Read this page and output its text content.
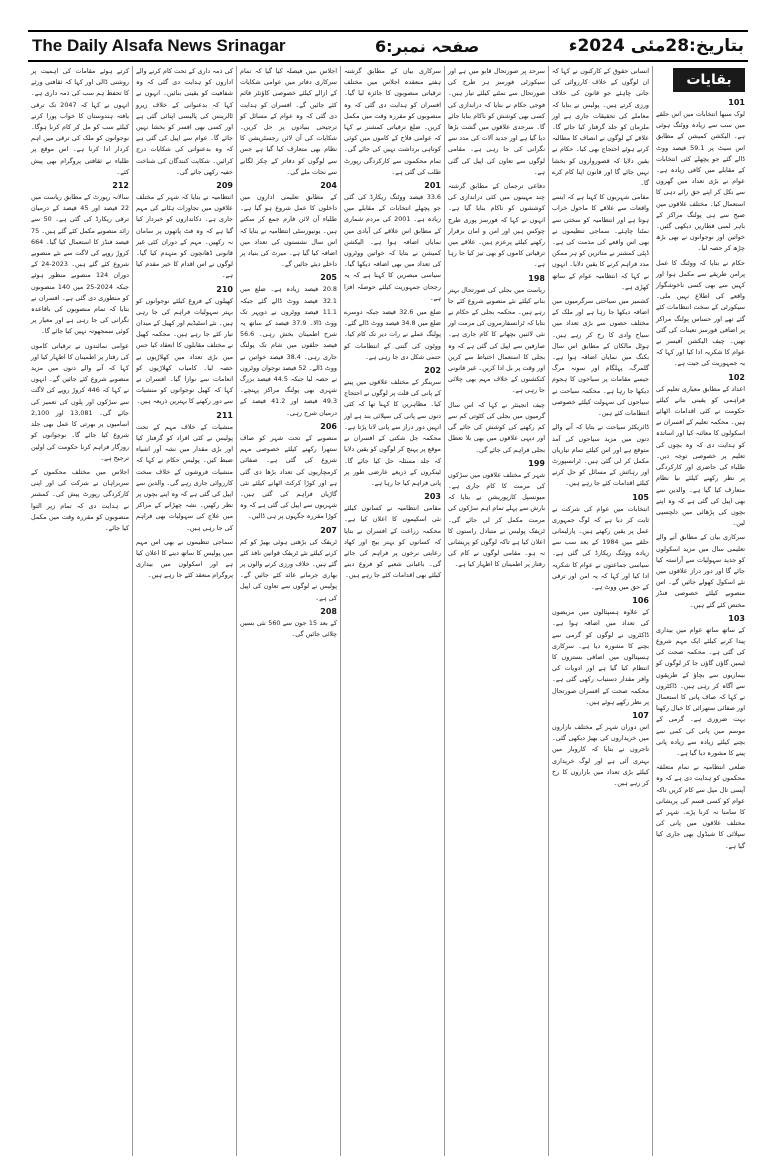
The Daily Alsafa News Srinagar	صفحہ نمبر:6	بتاریخ:28مئی 2024ء
بقایات
101

لوک سبھا انتخابات میں اس حلقے میں سب سے زیادہ ووٹنگ ہوئی ہے۔ الیکشن کمیشن کے مطابق اس سیٹ پر 59.1 فیصد ووٹ ڈالے گئے جو پچھلے کئی انتخابات کے مقابلے میں کافی زیادہ ہے۔ عوام نے بڑی تعداد میں گھروں سے نکل کر اپنے حق رائے دہی کا استعمال کیا۔ مختلف علاقوں میں صبح سے ہی پولنگ مراکز کے باہر لمبی قطاریں دیکھی گئیں۔ خواتین اور نوجوانوں نے بھی بڑھ چڑھ کر حصہ لیا۔

حکام نے بتایا کہ ووٹنگ کا عمل پرامن طریقے سے مکمل ہوا اور کہیں سے بھی کسی ناخوشگوار واقعے کی اطلاع نہیں ملی۔ سیکورٹی کے سخت انتظامات کئے گئے تھے اور حساس پولنگ مراکز پر اضافی فورسز تعینات کی گئی تھیں۔ چیف الیکشن آفیسر نے عوام کا شکریہ ادا کیا اور کہا کہ یہ جمہوریت کی جیت ہے۔

102

اعداد کے مطابق معیاری تعلیم کی فراہمی کو یقینی بنانے کیلئے حکومت نے کئی اقدامات اٹھائے ہیں۔ محکمہ تعلیم کے افسران نے اسکولوں کا معائنہ کیا اور اساتذہ کو ہدایت دی کہ وہ بچوں کی تعلیم پر خصوصی توجہ دیں۔ طلباء کی حاضری اور کارکردگی پر نظر رکھنے کیلئے نیا نظام متعارف کیا گیا ہے۔ والدین سے بھی اپیل کی گئی ہے کہ وہ اپنے بچوں کی پڑھائی میں دلچسپی لیں۔

سرکاری بیان کے مطابق آنے والے تعلیمی سال میں مزید اسکولوں کو جدید سہولیات سے آراستہ کیا جائے گا اور دور دراز علاقوں میں نئے اسکول کھولے جائیں گے۔ اس منصوبے کیلئے خصوصی فنڈز مختص کئے گئے ہیں۔

103

کے ساتھ ساتھ عوام میں بیداری پیدا کرنے کیلئے ایک مہم شروع کی گئی ہے۔ محکمہ صحت کی ٹیمیں گاؤں گاؤں جا کر لوگوں کو بیماریوں سے بچاؤ کے طریقوں سے آگاہ کر رہی ہیں۔ ڈاکٹروں نے کہا کہ صاف پانی کا استعمال اور صفائی ستھرائی کا خیال رکھنا بہت ضروری ہے۔ گرمی کے موسم میں پانی کی کمی سے بچنے کیلئے زیادہ سے زیادہ پانی پینے کا مشورہ دیا گیا ہے۔

ضلعی انتظامیہ نے تمام متعلقہ محکموں کو ہدایت دی ہے کہ وہ آپسی تال میل سے کام کریں تاکہ عوام کو کسی قسم کی پریشانی کا سامنا نہ کرنا پڑے۔ شہر کے مختلف علاقوں میں پانی کی سپلائی کا شیڈول بھی جاری کیا گیا ہے۔

انسانی حقوق کے کارکنوں نے کہا کہ ان لوگوں کے خلاف کارروائی کی جانی چاہئے جو قانون کی خلاف ورزی کرتے ہیں۔ پولیس نے بتایا کہ معاملے کی تحقیقات جاری ہے اور ملزمان کو جلد گرفتار کیا جائے گا۔ علاقے کے لوگوں نے انصاف کا مطالبہ کرتے ہوئے احتجاج بھی کیا۔ حکام نے یقین دلایا کہ قصورواروں کو بخشا نہیں جائے گا اور قانون اپنا کام کرے گا۔

مقامی شہریوں کا کہنا ہے کہ ایسے واقعات سے علاقے کا ماحول خراب ہوتا ہے اور انتظامیہ کو سختی سے نمٹنا چاہئے۔ سماجی تنظیموں نے بھی اس واقعے کی مذمت کی ہے۔ ڈپٹی کمشنر نے متاثرین کو ہر ممکن مدد فراہم کرنے کا یقین دلایا۔ انہوں نے کہا کہ انتظامیہ عوام کے ساتھ کھڑی ہے۔

کشمیر میں سیاحتی سرگرمیوں میں اضافہ دیکھا جا رہا ہے اور ملک کے مختلف حصوں سے بڑی تعداد میں سیاح وادی کا رخ کر رہے ہیں۔ ہوٹل مالکان کے مطابق اس سال بکنگ میں نمایاں اضافہ ہوا ہے۔ گلمرگ، پہلگام اور سونہ مرگ جیسے مقامات پر سیاحوں کا ہجوم دیکھا جا رہا ہے۔ محکمہ سیاحت نے سیاحوں کی سہولت کیلئے خصوصی انتظامات کئے ہیں۔

ڈائریکٹر سیاحت نے بتایا کہ آنے والے دنوں میں مزید سیاحوں کی آمد متوقع ہے اور اس کیلئے تمام تیاریاں مکمل کر لی گئی ہیں۔ ٹرانسپورٹ اور رہائش کے مسائل کو حل کرنے کیلئے اقدامات کئے جا رہے ہیں۔

105

انتخابات میں عوام کی شرکت نے ثابت کر دیا ہے کہ لوگ جمہوری عمل پر یقین رکھتے ہیں۔ پارلیمانی حلقے میں 1984 کے بعد سب سے زیادہ ووٹنگ ریکارڈ کی گئی ہے۔ سیاسی جماعتوں نے عوام کا شکریہ ادا کیا اور کہا کہ یہ امن اور ترقی کے حق میں ووٹ ہے۔

106

کے علاوہ ہسپتالوں میں مریضوں کی تعداد میں اضافہ ہوا ہے۔ ڈاکٹروں نے لوگوں کو گرمی سے بچنے کا مشورہ دیا ہے۔ سرکاری ہسپتالوں میں اضافی بستروں کا انتظام کیا گیا ہے اور ادویات کی وافر مقدار دستیاب رکھی گئی ہے۔ محکمہ صحت کے افسران صورتحال پر نظر رکھے ہوئے ہیں۔

107

اس دوران شہر کے مختلف بازاروں میں خریداروں کی بھیڑ دیکھی گئی۔ تاجروں نے بتایا کہ کاروبار میں بہتری آئی ہے اور لوگ خریداری کیلئے بڑی تعداد میں بازاروں کا رخ کر رہے ہیں۔

سرحد پر صورتحال قابو میں ہے اور سیکورٹی فورسز ہر طرح کی صورتحال سے نمٹنے کیلئے تیار ہیں۔ فوجی حکام نے بتایا کہ دراندازی کی کسی بھی کوشش کو ناکام بنایا جائے گا۔ سرحدی علاقوں میں گشت بڑھا دیا گیا ہے اور جدید آلات کی مدد سے نگرانی کی جا رہی ہے۔ مقامی لوگوں سے تعاون کی اپیل کی گئی ہے۔

دفاعی ترجمان کے مطابق گزشتہ چند مہینوں میں کئی دراندازی کی کوششوں کو ناکام بنایا گیا ہے۔ انہوں نے کہا کہ فورسز پوری طرح چوکس ہیں اور امن و امان برقرار رکھنے کیلئے پرعزم ہیں۔ علاقے میں ترقیاتی کاموں کو بھی تیز کیا جا رہا ہے۔

198

ریاست میں بجلی کی صورتحال بہتر بنانے کیلئے نئے منصوبے شروع کئے جا رہے ہیں۔ محکمہ بجلی کے حکام نے بتایا کہ ٹرانسفارمروں کی مرمت اور نئی لائنیں بچھانے کا کام جاری ہے۔ صارفین سے اپیل کی گئی ہے کہ وہ بجلی کا استعمال احتیاط سے کریں اور وقت پر بل ادا کریں۔ غیر قانونی کنکشنوں کے خلاف مہم بھی چلائی جا رہی ہے۔

چیف انجینئر نے کہا کہ اس سال گرمیوں میں بجلی کی کٹوتی کم سے کم رکھنے کی کوشش کی جائے گی اور دیہی علاقوں میں بھی بلا تعطل بجلی فراہم کی جائے گی۔

199

شہر کے مختلف علاقوں میں سڑکوں کی مرمت کا کام جاری ہے۔ میونسپل کارپوریشن نے بتایا کہ بارش سے پہلے تمام اہم سڑکوں کی مرمت مکمل کر لی جائے گی۔ ٹریفک پولیس نے متبادل راستوں کا اعلان کیا ہے تاکہ لوگوں کو پریشانی نہ ہو۔ مقامی لوگوں نے کام کی رفتار پر اطمینان کا اظہار کیا ہے۔

سرکاری بیان کے مطابق گزشتہ ہفتے منعقدہ اجلاس میں مختلف ترقیاتی منصوبوں کا جائزہ لیا گیا۔ افسران کو ہدایت دی گئی کہ وہ منصوبوں کو مقررہ وقت میں مکمل کریں۔ ضلع ترقیاتی کمشنر نے کہا کہ عوامی فلاح کے کاموں میں کوئی کوتاہی برداشت نہیں کی جائے گی۔ تمام محکموں سے کارکردگی رپورٹ طلب کی گئی ہے۔

201

33.6 فیصد ووٹنگ ریکارڈ کی گئی جو پچھلے انتخابات کے مقابلے میں زیادہ ہے۔ 2001 کی مردم شماری کے مطابق اس علاقے کی آبادی میں نمایاں اضافہ ہوا ہے۔ الیکشن کمیشن نے بتایا کہ خواتین ووٹروں کی تعداد میں بھی اضافہ دیکھا گیا۔ سیاسی مبصرین کا کہنا ہے کہ یہ رجحان جمہوریت کیلئے حوصلہ افزا ہے۔

ضلع میں 32.6 فیصد جبکہ دوسرے ضلع میں 34.8 فیصد ووٹ ڈالے گئے۔ پولنگ عملے نے رات دیر تک کام کیا۔ ووٹوں کی گنتی کے انتظامات کو حتمی شکل دی جا رہی ہے۔

202

سرینگر کے مختلف علاقوں میں پینے کے پانی کی قلت پر لوگوں نے احتجاج کیا۔ مظاہرین کا کہنا تھا کہ کئی دنوں سے پانی کی سپلائی بند ہے اور انہیں دور دراز سے پانی لانا پڑتا ہے۔ محکمہ جل شکتی کے افسران نے موقع پر پہنچ کر لوگوں کو یقین دلایا کہ جلد مسئلہ حل کیا جائے گا۔ ٹینکروں کے ذریعے عارضی طور پر پانی فراہم کیا جا رہا ہے۔

203

مقامی انتظامیہ نے کسانوں کیلئے نئی اسکیموں کا اعلان کیا ہے۔ محکمہ زراعت کے افسران نے بتایا کہ کسانوں کو بہتر بیج اور کھاد رعایتی نرخوں پر فراہم کی جائے گی۔ باغبانی شعبے کو فروغ دینے کیلئے بھی اقدامات کئے جا رہے ہیں۔

اجلاس میں فیصلہ کیا گیا کہ تمام سرکاری دفاتر میں عوامی شکایات کے ازالے کیلئے خصوصی کاؤنٹر قائم کئے جائیں گے۔ افسران کو ہدایت دی گئی کہ وہ عوام کے مسائل کو ترجیحی بنیادوں پر حل کریں۔ شکایات کی آن لائن رجسٹریشن کا نظام بھی متعارف کیا گیا ہے جس سے لوگوں کو دفاتر کے چکر لگانے سے نجات ملے گی۔

204

کے مطابق تعلیمی اداروں میں داخلوں کا عمل شروع ہو گیا ہے۔ طلباء آن لائن فارم جمع کر سکتے ہیں۔ یونیورسٹی انتظامیہ نے بتایا کہ اس سال نشستوں کی تعداد میں اضافہ کیا گیا ہے۔ میرٹ کی بنیاد پر داخلے دیئے جائیں گے۔

205

20.8 فیصد زیادہ ہے۔ ضلع میں 32.1 فیصد ووٹ ڈالے گئے جبکہ 11.1 فیصد ووٹروں نے دوپہر تک ووٹ ڈالا۔ 37.9 فیصد کے ساتھ یہ شرح اطمینان بخش رہی۔ 56.6 فیصد حلقوں میں شام تک پولنگ جاری رہی۔ 38.4 فیصد خواتین نے ووٹ ڈالے۔ 52 فیصد نوجوان ووٹروں نے حصہ لیا جبکہ 44.5 فیصد بزرگ شہری بھی پولنگ مراکز پہنچے۔ 49.3 فیصد اور 41.2 فیصد کے درمیان شرح رہی۔

206

منصوبے کے تحت شہر کو صاف ستھرا رکھنے کیلئے خصوصی مہم شروع کی گئی ہے۔ صفائی کرمچاریوں کی تعداد بڑھا دی گئی ہے اور کوڑا کرکٹ اٹھانے کیلئے نئی گاڑیاں فراہم کی گئی ہیں۔ شہریوں سے اپیل کی گئی ہے کہ وہ کوڑا مقررہ جگہوں پر ہی ڈالیں۔

207

ٹریفک کی بڑھتی ہوئی بھیڑ کو کم کرنے کیلئے نئے ٹریفک قوانین نافذ کئے گئے ہیں۔ خلاف ورزی کرنے والوں پر بھاری جرمانے عائد کئے جائیں گے۔ پولیس نے لوگوں سے تعاون کی اپیل کی ہے۔

208

کے بعد 15 جون سے 560 نئی بسیں چلائی جائیں گی۔

کی ذمہ داری کے تحت کام کرنے والے اداروں کو ہدایت دی گئی کہ وہ شفافیت کو یقینی بنائیں۔ انہوں نے کہا کہ بدعنوانی کے خلاف زیرو ٹالرینس کی پالیسی اپنائی گئی ہے اور کسی بھی افسر کو بخشا نہیں جائے گا۔ عوام سے اپیل کی گئی ہے کہ وہ بدعنوانی کی شکایات درج کرائیں۔ شکایت کنندگان کی شناخت خفیہ رکھی جائے گی۔

209

انتظامیہ نے بتایا کہ شہر کے مختلف علاقوں میں تجاوزات ہٹانے کی مہم جاری ہے۔ دکانداروں کو خبردار کیا گیا ہے کہ وہ فٹ پاتھوں پر سامان نہ رکھیں۔ مہم کے دوران کئی غیر قانونی ڈھانچوں کو منہدم کیا گیا۔ لوگوں نے اس اقدام کا خیر مقدم کیا ہے۔

210

کھیلوں کے فروغ کیلئے نوجوانوں کو بہتر سہولیات فراہم کی جا رہی ہیں۔ نئے اسٹیڈیم اور کھیل کے میدان تیار کئے جا رہے ہیں۔ محکمہ کھیل نے مختلف مقابلوں کا انعقاد کیا جس میں بڑی تعداد میں کھلاڑیوں نے حصہ لیا۔ کامیاب کھلاڑیوں کو انعامات سے نوازا گیا۔ افسران نے کہا کہ کھیل نوجوانوں کو منشیات سے دور رکھنے کا بہترین ذریعہ ہیں۔

211

منشیات کے خلاف مہم کے تحت پولیس نے کئی افراد کو گرفتار کیا اور بڑی مقدار میں نشہ آور اشیاء ضبط کیں۔ پولیس حکام نے کہا کہ منشیات فروشوں کے خلاف سخت کارروائی جاری رہے گی۔ والدین سے اپیل کی گئی ہے کہ وہ اپنے بچوں پر نظر رکھیں۔ نشہ چھڑانے کے مراکز میں علاج کی سہولیات بھی فراہم کی جا رہی ہیں۔

سماجی تنظیموں نے بھی اس مہم میں پولیس کا ساتھ دینے کا اعلان کیا ہے اور اسکولوں میں بیداری پروگرام منعقد کئے جا رہے ہیں۔

کرتے ہوئے مقامات کی اہمیت پر روشنی ڈالی اور کہا کہ ثقافتی ورثے کا تحفظ ہم سب کی ذمہ داری ہے۔ انہوں نے کہا کہ 2047 تک ترقی یافتہ ہندوستان کا خواب پورا کرنے کیلئے سب کو مل کر کام کرنا ہوگا۔ نوجوانوں کو ملک کی ترقی میں اہم کردار ادا کرنا ہے۔ اس موقع پر طلباء نے ثقافتی پروگرام بھی پیش کئے۔

212

سالانہ رپورٹ کے مطابق ریاست میں 22 فیصد اور 45 فیصد کے درمیان ترقی ریکارڈ کی گئی ہے۔ 50 سے زائد منصوبے مکمل کئے گئے ہیں۔ 75 فیصد فنڈز کا استعمال کیا گیا۔ 664 کروڑ روپے کی لاگت سے نئے منصوبے شروع کئے گئے ہیں۔ 2023-24 کے دوران 124 منصوبے منظور ہوئے جبکہ 2024-25 میں 140 منصوبوں کو منظوری دی گئی ہے۔ افسران نے بتایا کہ تمام منصوبوں کی باقاعدہ نگرانی کی جا رہی ہے اور معیار پر کوئی سمجھوتہ نہیں کیا جائے گا۔

عوامی نمائندوں نے ترقیاتی کاموں کی رفتار پر اطمینان کا اظہار کیا اور کہا کہ آنے والے دنوں میں مزید منصوبے شروع کئے جائیں گے۔ انہوں نے کہا کہ 446 کروڑ روپے کی لاگت سے سڑکوں اور پلوں کی تعمیر کی جائے گی۔ 13,081 اور 2,100 اسامیوں پر بھرتی کا عمل بھی جلد شروع کیا جائے گا۔ نوجوانوں کو روزگار فراہم کرنا حکومت کی اولین ترجیح ہے۔

اجلاس میں مختلف محکموں کے سربراہان نے شرکت کی اور اپنی کارکردگی رپورٹ پیش کی۔ کمشنر نے ہدایت دی کہ تمام زیر التوا منصوبوں کو مقررہ وقت میں مکمل کیا جائے۔
